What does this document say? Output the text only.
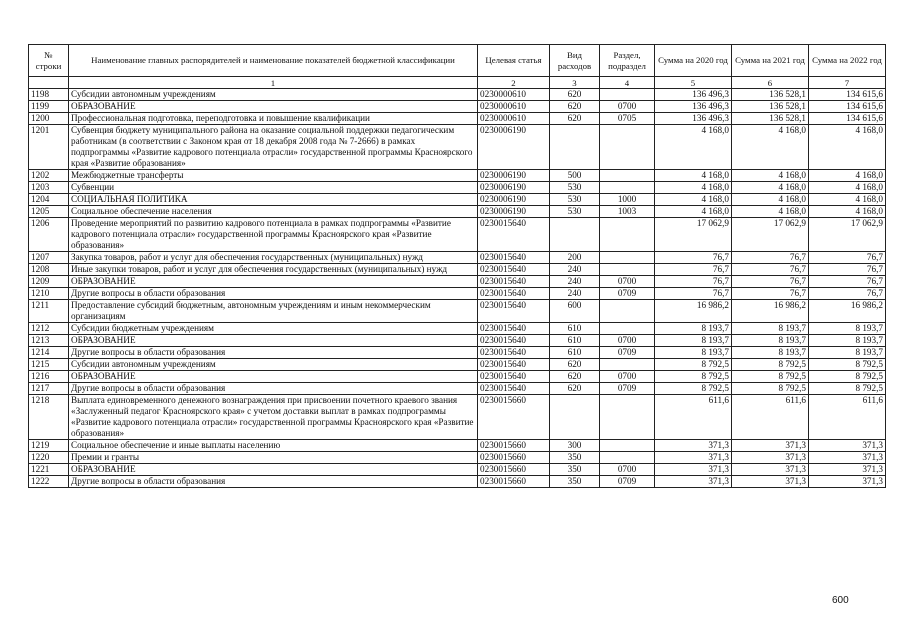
№ строки	Наименование главных распорядителей и наименование показателей бюджетной классификации	Целевая статья	Вид расходов	Раздел, подраздел	Сумма на 2020 год	Сумма на 2021 год	Сумма на 2022 год
	1	2	3	4	5	6	7
1198	Субсидии автономным учреждениям	0230000610	620		136 496,3	136 528,1	134 615,6
1199	ОБРАЗОВАНИЕ	0230000610	620	0700	136 496,3	136 528,1	134 615,6
1200	Профессиональная подготовка, переподготовка и повышение квалификации	0230000610	620	0705	136 496,3	136 528,1	134 615,6
1201	Субвенция бюджету муниципального района на оказание социальной поддержки педагогическим работникам (в соответствии с Законом края от 18 декабря 2008 года № 7-2666) в рамках подпрограммы «Развитие кадрового потенциала отрасли» государственной программы Красноярского края «Развитие образования»	0230006190			4 168,0	4 168,0	4 168,0
1202	Межбюджетные трансферты	0230006190	500		4 168,0	4 168,0	4 168,0
1203	Субвенции	0230006190	530		4 168,0	4 168,0	4 168,0
1204	СОЦИАЛЬНАЯ ПОЛИТИКА	0230006190	530	1000	4 168,0	4 168,0	4 168,0
1205	Социальное обеспечение населения	0230006190	530	1003	4 168,0	4 168,0	4 168,0
1206	Проведение мероприятий по развитию кадрового потенциала в рамках подпрограммы «Развитие кадрового потенциала отрасли» государственной программы Красноярского края «Развитие образования»	0230015640			17 062,9	17 062,9	17 062,9
1207	Закупка товаров, работ и услуг для обеспечения государственных (муниципальных) нужд	0230015640	200		76,7	76,7	76,7
1208	Иные закупки товаров, работ и услуг для обеспечения государственных (муниципальных) нужд	0230015640	240		76,7	76,7	76,7
1209	ОБРАЗОВАНИЕ	0230015640	240	0700	76,7	76,7	76,7
1210	Другие вопросы в области образования	0230015640	240	0709	76,7	76,7	76,7
1211	Предоставление субсидий бюджетным, автономным учреждениям и иным некоммерческим организациям	0230015640	600		16 986,2	16 986,2	16 986,2
1212	Субсидии бюджетным учреждениям	0230015640	610		8 193,7	8 193,7	8 193,7
1213	ОБРАЗОВАНИЕ	0230015640	610	0700	8 193,7	8 193,7	8 193,7
1214	Другие вопросы в области образования	0230015640	610	0709	8 193,7	8 193,7	8 193,7
1215	Субсидии автономным учреждениям	0230015640	620		8 792,5	8 792,5	8 792,5
1216	ОБРАЗОВАНИЕ	0230015640	620	0700	8 792,5	8 792,5	8 792,5
1217	Другие вопросы в области образования	0230015640	620	0709	8 792,5	8 792,5	8 792,5
1218	Выплата единовременного денежного вознаграждения при присвоении почетного краевого звания «Заслуженный педагог Красноярского края» с учетом доставки выплат в рамках подпрограммы «Развитие кадрового потенциала отрасли» государственной программы Красноярского края «Развитие образования»	0230015660			611,6	611,6	611,6
1219	Социальное обеспечение и иные выплаты населению	0230015660	300		371,3	371,3	371,3
1220	Премии и гранты	0230015660	350		371,3	371,3	371,3
1221	ОБРАЗОВАНИЕ	0230015660	350	0700	371,3	371,3	371,3
1222	Другие вопросы в области образования	0230015660	350	0709	371,3	371,3	371,3
600
